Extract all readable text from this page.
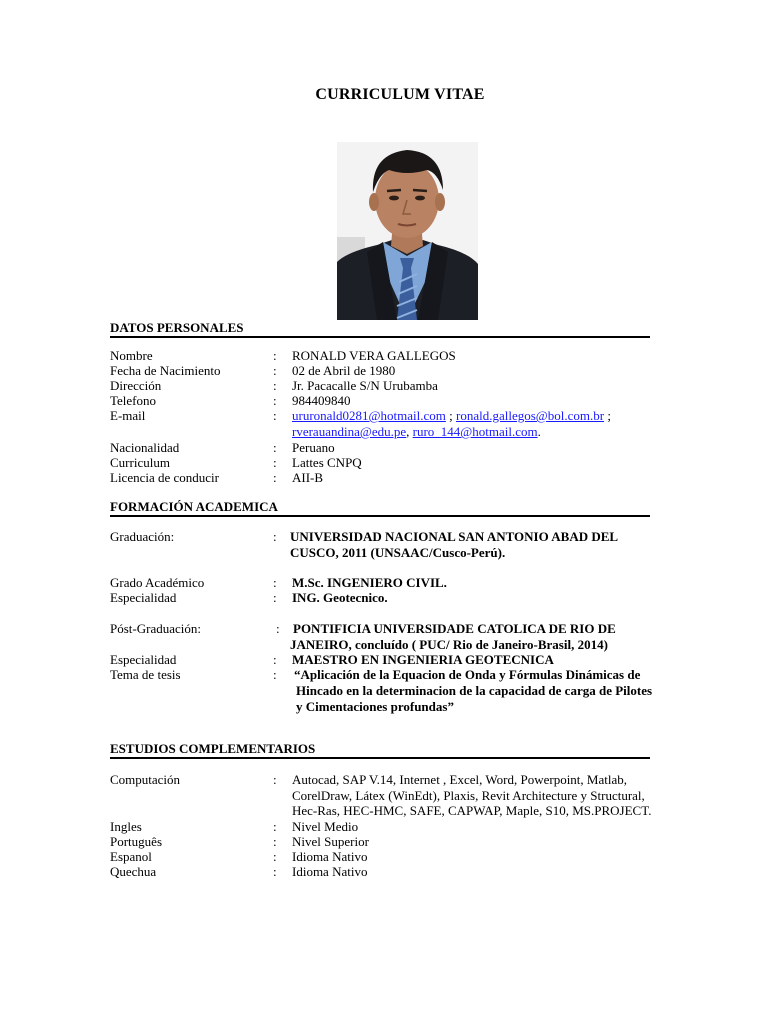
CURRICULUM VITAE
DATOS PERSONALES
Nombre	: RONALD VERA GALLEGOS
Fecha de Nacimiento	: 02 de Abril de 1980
Dirección	: Jr. Pacacalle S/N Urubamba
Telefono	: 984409840
E-mail	: ururonald0281@hotmail.com ; ronald.gallegos@bol.com.br ;
rverauandina@edu.pe, ruro_144@hotmail.com.
Nacionalidad	: Peruano
Curriculum	: Lattes CNPQ
Licencia de conducir	: AII-B
FORMACIÓN ACADEMICA
Graduación:	: UNIVERSIDAD NACIONAL SAN ANTONIO ABAD DEL
CUSCO, 2011 (UNSAAC/Cusco-Perú).
Grado Académico	: M.Sc. INGENIERO CIVIL.
Especialidad	: ING. Geotecnico.
Póst-Graduación:	: PONTIFICIA UNIVERSIDADE CATOLICA DE RIO DE
JANEIRO, concluído ( PUC/ Rio de Janeiro-Brasil, 2014)
Especialidad	: MAESTRO EN INGENIERIA GEOTECNICA
Tema de tesis	: “Aplicación de la Equacion de Onda y Fórmulas Dinámicas de
Hincado en la determinacion de la capacidad de carga de Pilotes
y Cimentaciones profundas”
ESTUDIOS COMPLEMENTARIOS
Computación	: Autocad, SAP V.14, Internet , Excel, Word, Powerpoint, Matlab,
CorelDraw, Látex (WinEdt), Plaxis, Revit Architecture y Structural,
Hec-Ras, HEC-HMC, SAFE, CAPWAP, Maple, S10, MS.PROJECT.
Ingles	: Nivel Medio
Português	: Nivel Superior
Espanol	: Idioma Nativo
Quechua	: Idioma Nativo
